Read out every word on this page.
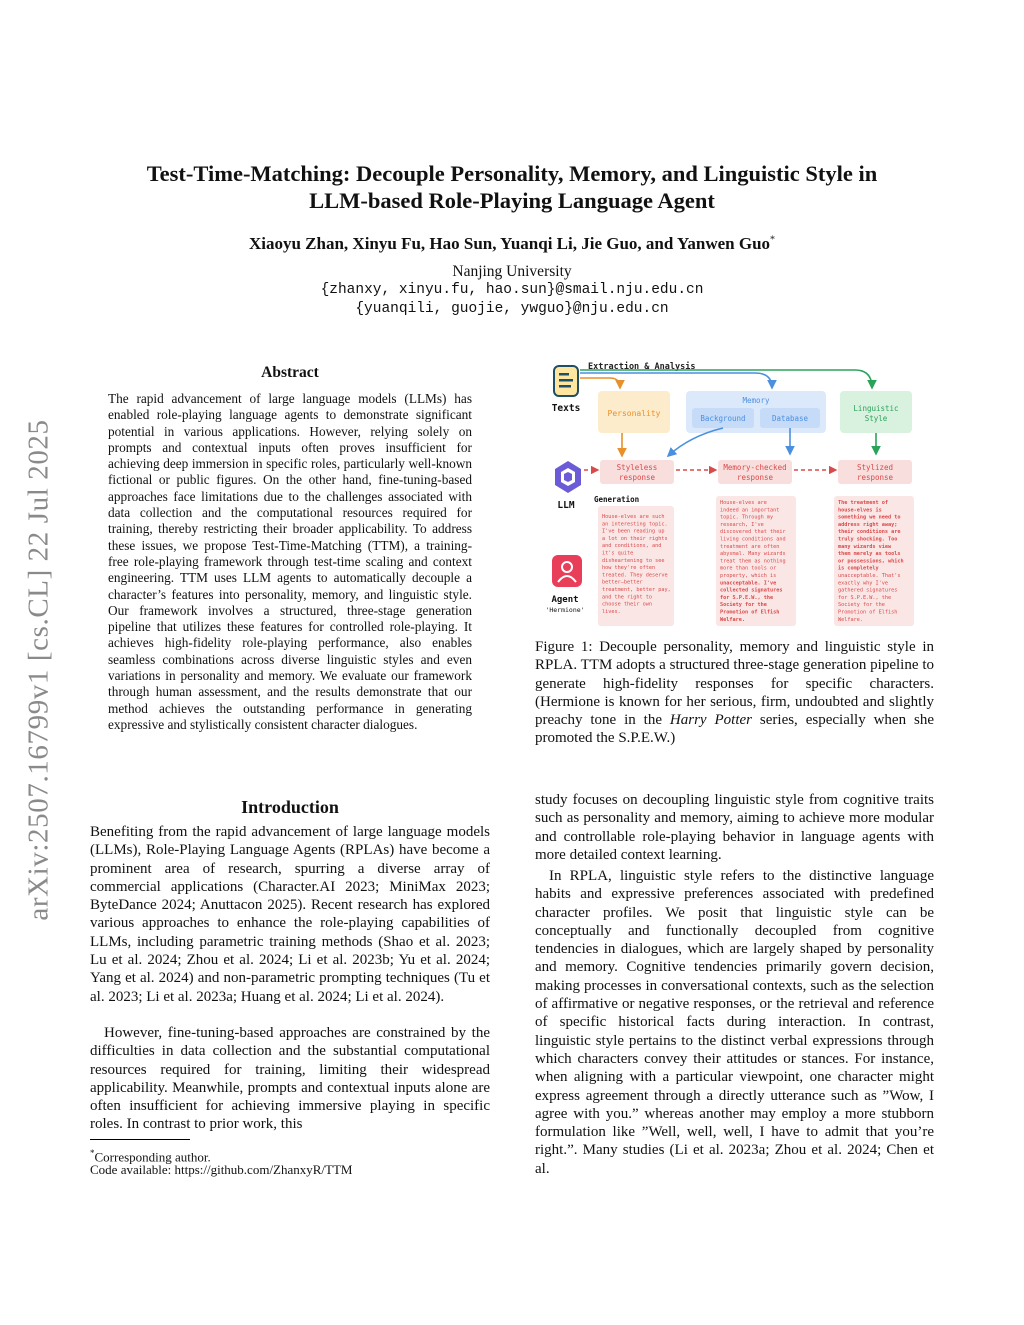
arXiv:2507.16799v1 [cs.CL] 22 Jul 2025
Test-Time-Matching: Decouple Personality, Memory, and Linguistic Style in
LLM-based Role-Playing Language Agent
Xiaoyu Zhan, Xinyu Fu, Hao Sun, Yuanqi Li, Jie Guo, and Yanwen Guo*
Nanjing University
{zhanxy, xinyu.fu, hao.sun}@smail.nju.edu.cn
{yuanqili, guojie, ywguo}@nju.edu.cn
Abstract

The rapid advancement of large language models (LLMs) has enabled role-playing language agents to demonstrate significant potential in various applications. However, relying solely on prompts and contextual inputs often proves insufficient for achieving deep immersion in specific roles, particularly well-known fictional or public figures. On the other hand, fine-tuning-based approaches face limitations due to the challenges associated with data collection and the computational resources required for training, thereby restricting their broader applicability. To address these issues, we propose Test-Time-Matching (TTM), a training-free role-playing framework through test-time scaling and context engineering. TTM uses LLM agents to automatically decouple a character’s features into personality, memory, and linguistic style. Our framework involves a structured, three-stage generation pipeline that utilizes these features for controlled role-playing. It achieves high-fidelity role-playing performance, also enables seamless combinations across diverse linguistic styles and even variations in personality and memory. We evaluate our framework through human assessment, and the results demonstrate that our method achieves the outstanding performance in generating expressive and stylistically consistent character dialogues.

Introduction

Benefiting from the rapid advancement of large language models (LLMs), Role-Playing Language Agents (RPLAs) have become a prominent area of research, spurring a diverse array of commercial applications (Character.AI 2023; MiniMax 2023; ByteDance 2024; Anuttacon 2025). Recent research has explored various approaches to enhance the role-playing capabilities of LLMs, including parametric training methods (Shao et al. 2023; Lu et al. 2024; Zhou et al. 2024; Li et al. 2023b; Yu et al. 2024; Yang et al. 2024) and non-parametric prompting techniques (Tu et al. 2023; Li et al. 2023a; Huang et al. 2024; Li et al. 2024).

However, fine-tuning-based approaches are constrained by the difficulties in data collection and the substantial computational resources required for training, limiting their widespread applicability. Meanwhile, prompts and contextual inputs alone are often insufficient for achieving immersive playing in specific roles. In contrast to prior work, this

*Corresponding author.
Code available: https://github.com/ZhanxyR/TTM
Extraction & Analysis
Texts	Personality
Memory
Background	Database
Linguistic
Style
LLM
Styleless
response
Memory-checked
response
Stylized
response
Generation
House-elves are such
an interesting topic.
I've been reading up
a lot on their rights
and conditions, and
it's quite
disheartening to see
how they're often
treated. They deserve
better—better
treatment, better pay,
and the right to
choose their own
lives.
House-elves are
indeed an important
topic. Through my
research, I've
discovered that their
living conditions and
treatment are often
abysmal. Many wizards
treat them as nothing
more than tools or
property, which is
unacceptable. I've
collected signatures
for S.P.E.W., the
Society for the
Promotion of Elfish
Welfare.
The treatment of
house-elves is
something we need to
address right away;
their conditions are
truly shocking. Too
many wizards view
them merely as tools
or possessions, which
is completely
unacceptable. That's
exactly why I've
gathered signatures
for S.P.E.W., the
Society for the
Promotion of Elfish
Welfare.
Agent
'Hermione'

Figure 1: Decouple personality, memory and linguistic style in RPLA. TTM adopts a structured three-stage generation pipeline to generate high-fidelity responses for specific characters. (Hermione is known for her serious, firm, undoubted and slightly preachy tone in the Harry Potter series, especially when she promoted the S.P.E.W.)

study focuses on decoupling linguistic style from cognitive traits such as personality and memory, aiming to achieve more modular and controllable role-playing behavior in language agents with more detailed context learning.

In RPLA, linguistic style refers to the distinctive language habits and expressive preferences associated with predefined character profiles. We posit that linguistic style can be conceptually and functionally decoupled from cognitive tendencies in dialogues, which are largely shaped by personality and memory. Cognitive tendencies primarily govern decision, making processes in conversational contexts, such as the selection of affirmative or negative responses, or the retrieval and reference of specific historical facts during interaction. In contrast, linguistic style pertains to the distinct verbal expressions through which characters convey their attitudes or stances. For instance, when aligning with a particular viewpoint, one character might express agreement through a directly utterance such as ”Wow, I agree with you.” whereas another may employ a more stubborn formulation like ”Well, well, well, I have to admit that you’re right.”. Many studies (Li et al. 2023a; Zhou et al. 2024; Chen et al.
